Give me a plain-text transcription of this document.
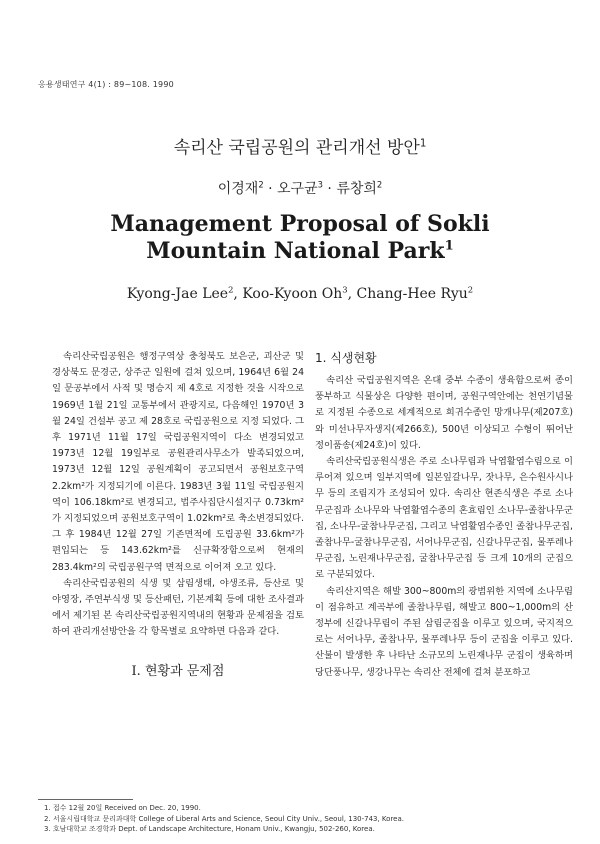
응용생태연구 4(1) : 89~108. 1990
속리산 국립공원의 관리개선 방안$^1$
이경재$^2$ · 오구균$^3$ · 류창희$^2$
Management Proposal of Sokli
Mountain National Park$^1$
Kyong-Jae Lee$^2$, Koo-Kyoon Oh$^3$, Chang-Hee Ryu$^2$

속리산국립공원은 행정구역상 충청북도 보은군, 괴산군 및 경상북도 문경군, 상주군 일원에 걸쳐 있으며, 1964년 6월 24일 문공부에서 사적 및 명승지 제 4호로 지정한 것을 시작으로 1969년 1월 21일 교통부에서 관광지로, 다음해인 1970년 3월 24일 건설부 공고 제 28호로 국립공원으로 지정 되었다. 그후 1971년 11월 17일 국립공원지역이 다소 변경되었고 1973년 12월 19일부로 공원관리사무소가 발족되었으며, 1973년 12월 12일 공원계획이 공고되면서 공원보호구역 2.2km²가 지정되기에 이른다. 1983년 3월 11일 국립공원지역이 106.18km²로 변경되고, 법주사집단시설지구 0.73km²가 지정되었으며 공원보호구역이 1.02km²로 축소변경되었다. 그 후 1984년 12월 27일 기존면적에 도립공원 33.6km²가 편입되는 등 143.62km²를 신규확장함으로써 현재의 283.4km²의 국립공원구역 면적으로 이어져 오고 있다.

속리산국립공원의 식생 및 삼림생태, 야생조류, 등산로 및 야영장, 주연부식생 및 등산패턴, 기본계획 등에 대한 조사결과에서 제기된 본 속리산국립공원지역내의 현황과 문제점을 검토하여 관리개선방안을 각 항목별로 요약하면 다음과 같다.

Ⅰ. 현황과 문제점
1. 식생현황

속리산 국립공원지역은 온대 중부 수종이 생육함으로써 종이 풍부하고 식물상은 다양한 편이며, 공원구역안에는 천연기념물로 지정된 수종으로 세계적으로 희귀수종인 망개나무(제207호)와 미선나무자생지(제266호), 500년 이상되고 수형이 뛰어난 정이품송(제24호)이 있다.

속리산국립공원식생은 주로 소나무림과 낙엽활엽수림으로 이루어져 있으며 일부지역에 일본잎갈나무, 잣나무, 은수원사시나무 등의 조림지가 조성되어 있다. 속리산 현존식생은 주로 소나무군집과 소나무와 낙엽활엽수종의 혼효림인 소나무-졸참나무군집, 소나무-굴참나무군집, 그리고 낙엽활엽수종인 졸참나무군집, 졸참나무-굴참나무군집, 서어나무군집, 신갈나무군집, 물푸레나무군집, 노린재나무군집, 굴참나무군집 등 크게 10개의 군집으로 구분되었다.

속리산지역은 해발 300~800m의 광범위한 지역에 소나무림이 점유하고 계곡부에 졸참나무림, 해발고 800~1,000m의 산정부에 신갈나무림이 주된 삼림군집을 이루고 있으며, 국지적으로는 서어나무, 졸참나무, 물푸레나무 등이 군집을 이루고 있다. 산불이 발생한 후 나타난 소규모의 노린재나무 군집이 생육하며 당단풍나무, 생강나무는 속리산 전체에 걸쳐 분포하고

1. 접수 12월 20일 Received on Dec. 20, 1990.
2. 서울시립대학교 문리과대학 College of Liberal Arts and Science, Seoul City Univ., Seoul, 130-743, Korea.
3. 호남대학교 조경학과 Dept. of Landscape Architecture, Honam Univ., Kwangju, 502-260, Korea.
